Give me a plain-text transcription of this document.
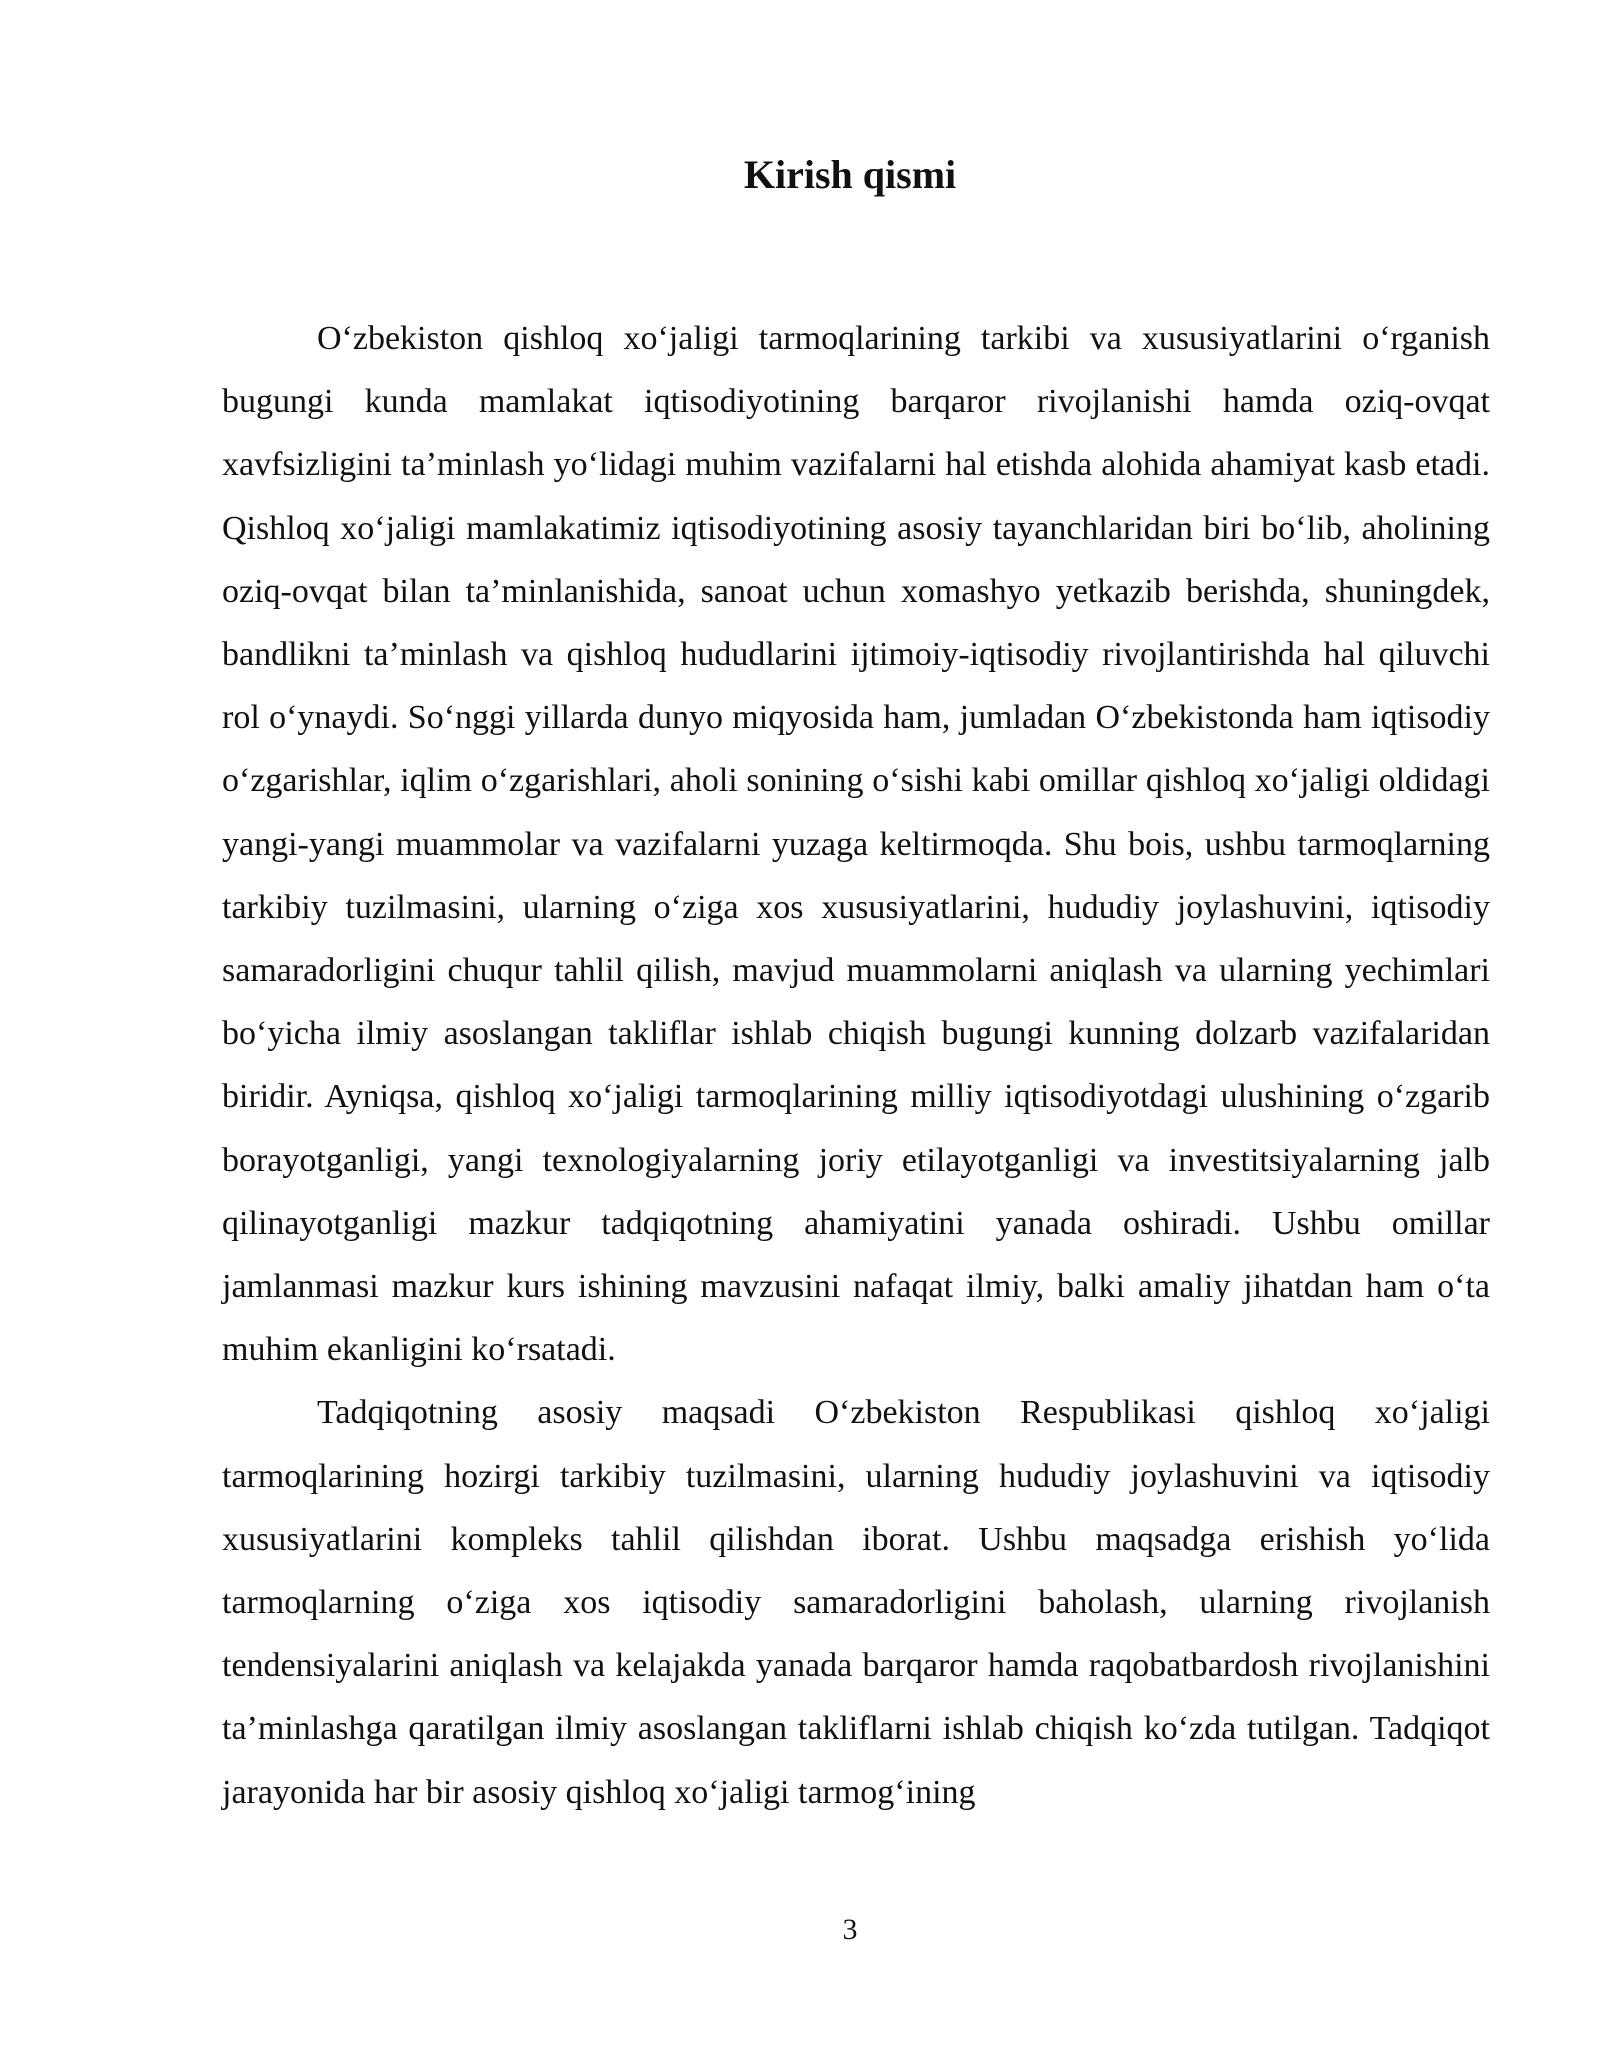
Kirish qismi

O‘zbekiston qishloq xo‘jaligi tarmoqlarining tarkibi va xususiyatlarini o‘rganish bugungi kunda mamlakat iqtisodiyotining barqaror rivojlanishi hamda oziq-ovqat xavfsizligini ta’minlash yo‘lidagi muhim vazifalarni hal etishda alohida ahamiyat kasb etadi. Qishloq xo‘jaligi mamlakatimiz iqtisodiyotining asosiy tayanchlaridan biri bo‘lib, aholining oziq-ovqat bilan ta’minlanishida, sanoat uchun xomashyo yetkazib berishda, shuningdek, bandlikni ta’minlash va qishloq hududlarini ijtimoiy-iqtisodiy rivojlantirishda hal qiluvchi rol o‘ynaydi. So‘nggi yillarda dunyo miqyosida ham, jumladan O‘zbekistonda ham iqtisodiy o‘zgarishlar, iqlim o‘zgarishlari, aholi sonining o‘sishi kabi omillar qishloq xo‘jaligi oldidagi yangi-yangi muammolar va vazifalarni yuzaga keltirmoqda. Shu bois, ushbu tarmoqlarning tarkibiy tuzilmasini, ularning o‘ziga xos xususiyatlarini, hududiy joylashuvini, iqtisodiy samaradorligini chuqur tahlil qilish, mavjud muammolarni aniqlash va ularning yechimlari bo‘yicha ilmiy asoslangan takliflar ishlab chiqish bugungi kunning dolzarb vazifalaridan biridir. Ayniqsa, qishloq xo‘jaligi tarmoqlarining milliy iqtisodiyotdagi ulushining o‘zgarib borayotganligi, yangi texnologiyalarning joriy etilayotganligi va investitsiyalarning jalb qilinayotganligi mazkur tadqiqotning ahamiyatini yanada oshiradi. Ushbu omillar jamlanmasi mazkur kurs ishining mavzusini nafaqat ilmiy, balki amaliy jihatdan ham o‘ta muhim ekanligini ko‘rsatadi.

Tadqiqotning asosiy maqsadi O‘zbekiston Respublikasi qishloq xo‘jaligi tarmoqlarining hozirgi tarkibiy tuzilmasini, ularning hududiy joylashuvini va iqtisodiy xususiyatlarini kompleks tahlil qilishdan iborat. Ushbu maqsadga erishish yo‘lida tarmoqlarning o‘ziga xos iqtisodiy samaradorligini baholash, ularning rivojlanish tendensiyalarini aniqlash va kelajakda yanada barqaror hamda raqobatbardosh rivojlanishini ta’minlashga qaratilgan ilmiy asoslangan takliflarni ishlab chiqish ko‘zda tutilgan. Tadqiqot jarayonida har bir asosiy qishloq xo‘jaligi tarmog‘ining

3
